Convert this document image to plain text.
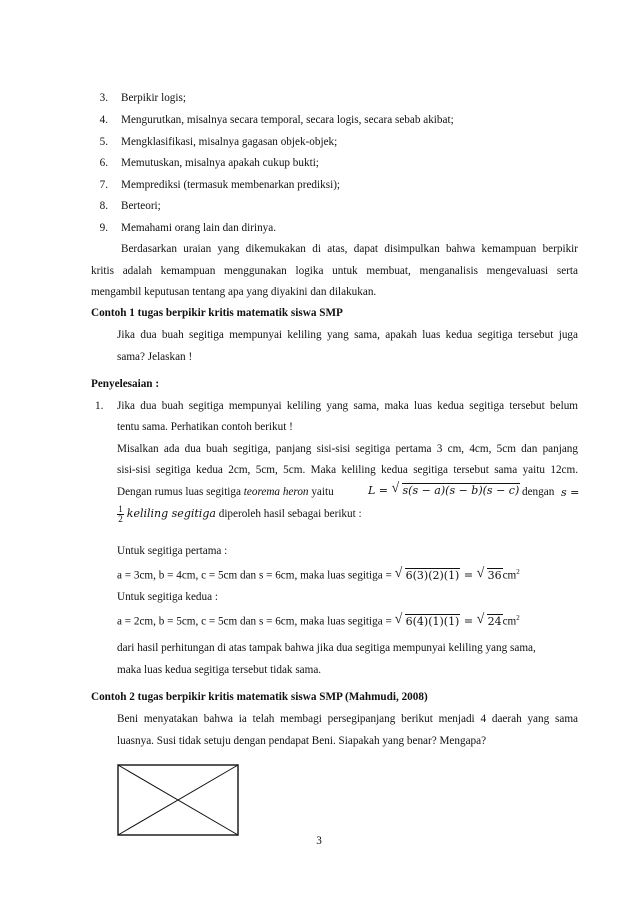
3. Berpikir logis;
4. Mengurutkan, misalnya secara temporal, secara logis, secara sebab akibat;
5. Mengklasifikasi, misalnya gagasan objek-objek;
6. Memutuskan, misalnya apakah cukup bukti;
7. Memprediksi (termasuk membenarkan prediksi);
8. Berteori;
9. Memahami orang lain dan dirinya.
Berdasarkan uraian yang dikemukakan di atas, dapat disimpulkan bahwa kemampuan berpikir
kritis adalah kemampuan menggunakan logika untuk membuat, menganalisis mengevaluasi serta
mengambil keputusan tentang apa yang diyakini dan dilakukan.
Contoh 1 tugas berpikir kritis matematik siswa SMP
Jika dua buah segitiga mempunyai keliling yang sama, apakah luas kedua segitiga tersebut juga
sama? Jelaskan !
Penyelesaian :
1. Jika dua buah segitiga mempunyai keliling yang sama, maka luas kedua segitiga tersebut belum
tentu sama. Perhatikan contoh berikut !
Misalkan ada dua buah segitiga, panjang sisi-sisi segitiga pertama 3 cm, 4cm, 5cm dan panjang
sisi-sisi segitiga kedua 2cm, 5cm, 5cm. Maka keliling kedua segitiga tersebut sama yaitu 12cm.
Dengan rumus luas segitiga teorema heron yaitu	L = √ s(s − a)(s − b)(s − c) dengan s =
$\frac{1}{2}$ keliling segitiga diperoleh hasil sebagai berikut :
Untuk segitiga pertama :
a = 3cm, b = 4cm, c = 5cm dan s = 6cm, maka luas segitiga = √ 6(3)(2)(1) = √ $36cm^2$
Untuk segitiga kedua :
a = 2cm, b = 5cm, c = 5cm dan s = 6cm, maka luas segitiga = √ 6(4)(1)(1) = √ $24cm^2$
dari hasil perhitungan di atas tampak bahwa jika dua segitiga mempunyai keliling yang sama,
maka luas kedua segitiga tersebut tidak sama.
Contoh 2 tugas berpikir kritis matematik siswa SMP (Mahmudi, 2008)
Beni menyatakan bahwa ia telah membagi persegipanjang berikut menjadi 4 daerah yang sama
luasnya. Susi tidak setuju dengan pendapat Beni. Siapakah yang benar? Mengapa?
3
